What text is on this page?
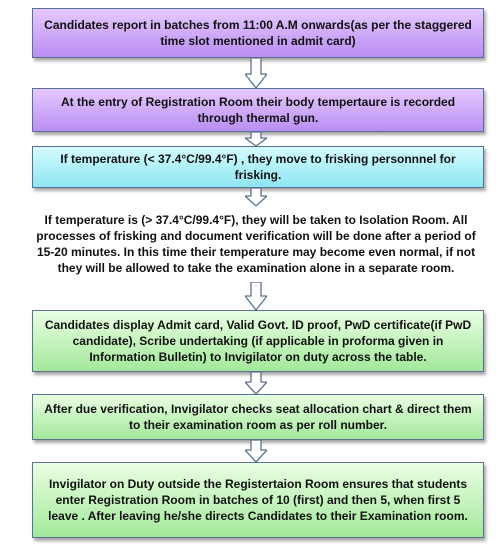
Candidates report in batches from 11:00 A.M onwards(as per the staggered time slot mentioned in admit card)
At the entry of Registration Room their body tempertaure is recorded through thermal gun.
If temperature (< 37.4°C/99.4°F) , they move to frisking personnnel for frisking.
If temperature is (> 37.4°C/99.4°F), they will be taken to Isolation Room. All processes of frisking and document verification will be done after a period of 15-20 minutes. In this time their temperature may become even normal, if not they will be allowed to take the examination alone in a separate room.
Candidates display Admit card, Valid Govt. ID proof, PwD certificate(if PwD candidate), Scribe undertaking (if applicable in proforma given in Information Bulletin) to Invigilator on duty across the table.
After due verification, Invigilator checks seat allocation chart & direct them to their examination room as per roll number.
Invigilator on Duty outside the Registertaion Room ensures that students enter Registration Room in batches of 10 (first) and then 5, when first 5 leave . After leaving he/she directs Candidates to their Examination room.
